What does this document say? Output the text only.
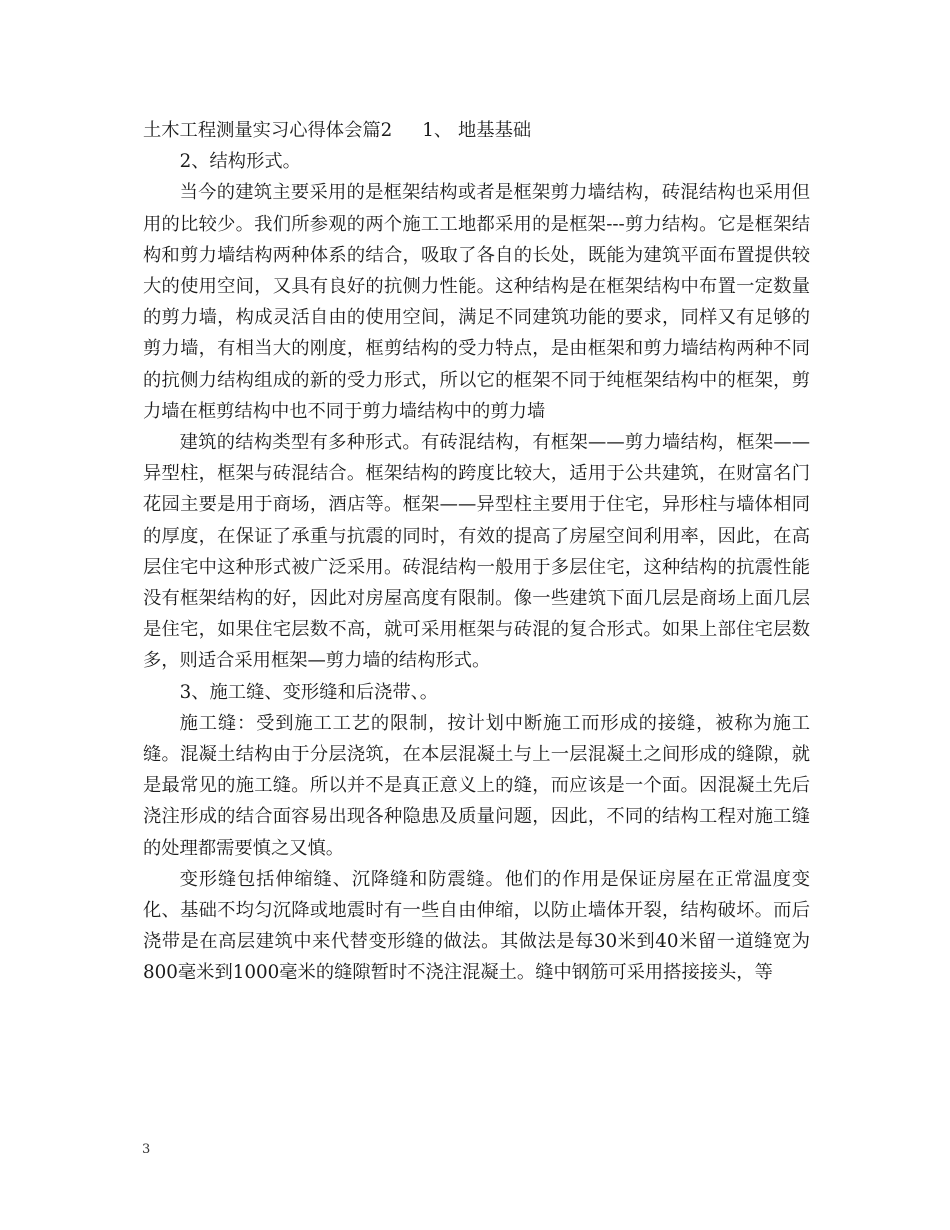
土木工程测量实习心得体会篇2 1、 地基基础

2、结构形式。

当今的建筑主要采用的是框架结构或者是框架剪力墙结构，砖混结构也采用但用的比较少。我们所参观的两个施工工地都采用的是框架---剪力结构。它是框架结构和剪力墙结构两种体系的结合，吸取了各自的长处，既能为建筑平面布置提供较大的使用空间，又具有良好的抗侧力性能。这种结构是在框架结构中布置一定数量的剪力墙，构成灵活自由的使用空间，满足不同建筑功能的要求，同样又有足够的剪力墙，有相当大的刚度，框剪结构的受力特点，是由框架和剪力墙结构两种不同的抗侧力结构组成的新的受力形式，所以它的框架不同于纯框架结构中的框架，剪力墙在框剪结构中也不同于剪力墙结构中的剪力墙

建筑的结构类型有多种形式。有砖混结构，有框架——剪力墙结构，框架——异型柱，框架与砖混结合。框架结构的跨度比较大，适用于公共建筑，在财富名门花园主要是用于商场，酒店等。框架——异型柱主要用于住宅，异形柱与墙体相同的厚度，在保证了承重与抗震的同时，有效的提高了房屋空间利用率，因此，在高层住宅中这种形式被广泛采用。砖混结构一般用于多层住宅，这种结构的抗震性能没有框架结构的好，因此对房屋高度有限制。像一些建筑下面几层是商场上面几层是住宅，如果住宅层数不高，就可采用框架与砖混的复合形式。如果上部住宅层数多，则适合采用框架—剪力墙的结构形式。

3、施工缝、变形缝和后浇带、。

施工缝：受到施工工艺的限制，按计划中断施工而形成的接缝，被称为施工缝。混凝土结构由于分层浇筑，在本层混凝土与上一层混凝土之间形成的缝隙，就是最常见的施工缝。所以并不是真正意义上的缝，而应该是一个面。因混凝土先后浇注形成的结合面容易出现各种隐患及质量问题，因此，不同的结构工程对施工缝的处理都需要慎之又慎。

变形缝包括伸缩缝、沉降缝和防震缝。他们的作用是保证房屋在正常温度变化、基础不均匀沉降或地震时有一些自由伸缩，以防止墙体开裂，结构破坏。而后浇带是在高层建筑中来代替变形缝的做法。其做法是每30米到40米留一道缝宽为800毫米到1000毫米的缝隙暂时不浇注混凝土。缝中钢筋可采用搭接接头，等

3
